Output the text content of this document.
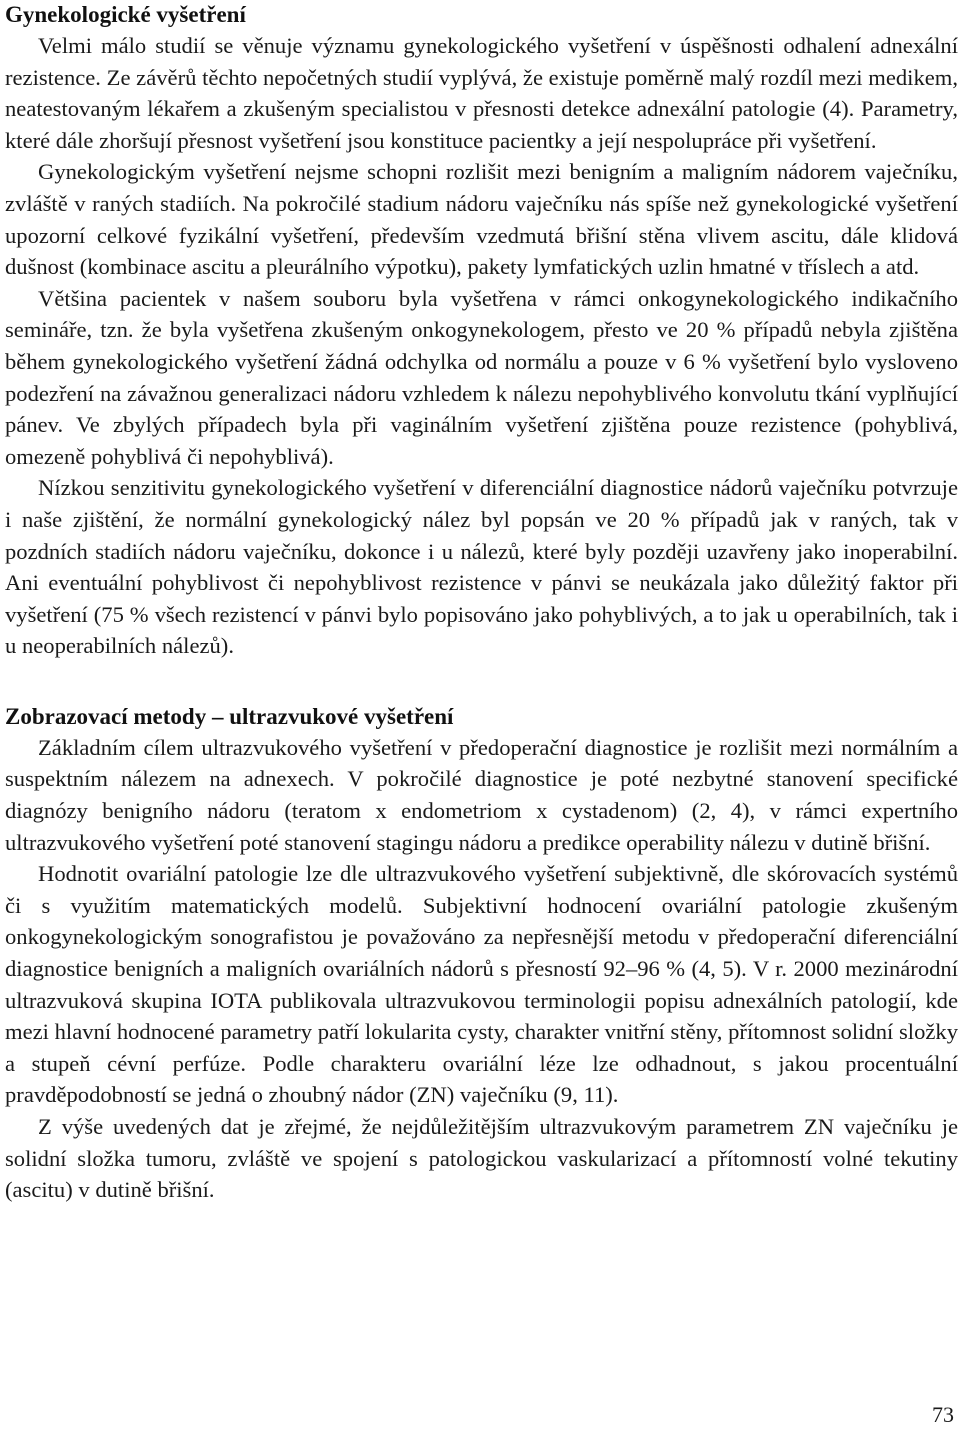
Gynekologické vyšetření

Velmi málo studií se věnuje významu gynekologického vyšetření v úspěšnosti odhalení adnexální rezistence. Ze závěrů těchto nepočetných studií vyplývá, že existuje poměrně malý rozdíl mezi medikem, neatestovaným lékařem a zkušeným specialistou v přesnosti detekce adnexální patologie (4). Parametry, které dále zhoršují přesnost vyšetření jsou konstituce pacientky a její nespolupráce při vyšetření.

Gynekologickým vyšetření nejsme schopni rozlišit mezi benigním a maligním nádorem vaječníku, zvláště v raných stadiích. Na pokročilé stadium nádoru vaječníku nás spíše než gynekologické vyšetření upozorní celkové fyzikální vyšetření, především vzedmutá břišní stěna vlivem ascitu, dále klidová dušnost (kombinace ascitu a pleurálního výpotku), pakety lymfatických uzlin hmatné v tříslech a atd.

Většina pacientek v našem souboru byla vyšetřena v rámci onkogynekologického indikačního semináře, tzn. že byla vyšetřena zkušeným onkogynekologem, přesto ve 20 % případů nebyla zjištěna během gynekologického vyšetření žádná odchylka od normálu a pouze v 6 % vyšetření bylo vysloveno podezření na závažnou generalizaci nádoru vzhledem k nálezu nepohyblivého konvolutu tkání vyplňující pánev. Ve zbylých případech byla při vaginálním vyšetření zjištěna pouze rezistence (pohyblivá, omezeně pohyblivá či nepohyblivá).

Nízkou senzitivitu gynekologického vyšetření v diferenciální diagnostice nádorů vaječníku potvrzuje i naše zjištění, že normální gynekologický nález byl popsán ve 20 % případů jak v raných, tak v pozdních stadiích nádoru vaječníku, dokonce i u nálezů, které byly později uzavřeny jako inoperabilní. Ani eventuální pohyblivost či nepohyblivost rezistence v pánvi se neukázala jako důležitý faktor při vyšetření (75 % všech rezistencí v pánvi bylo popisováno jako pohyblivých, a to jak u operabilních, tak i u neoperabilních nálezů).

Zobrazovací metody – ultrazvukové vyšetření

Základním cílem ultrazvukového vyšetření v předoperační diagnostice je rozlišit mezi normálním a suspektním nálezem na adnexech. V pokročilé diagnostice je poté nezbytné stanovení specifické diagnózy benigního nádoru (teratom x endometriom x cystadenom) (2, 4), v rámci expertního ultrazvukového vyšetření poté stanovení stagingu nádoru a predikce operability nálezu v dutině břišní.

Hodnotit ovariální patologie lze dle ultrazvukového vyšetření subjektivně, dle skórovacích systémů či s využitím matematických modelů. Subjektivní hodnocení ovariální patologie zkušeným onkogynekologickým sonografistou je považováno za nepřesnější metodu v předoperační diferenciální diagnostice benigních a maligních ovariálních nádorů s přesností 92–96 % (4, 5). V r. 2000 mezinárodní ultrazvuková skupina IOTA publikovala ultrazvukovou terminologii popisu adnexálních patologií, kde mezi hlavní hodnocené parametry patří lokularita cysty, charakter vnitřní stěny, přítomnost solidní složky a stupeň cévní perfúze. Podle charakteru ovariální léze lze odhadnout, s jakou procentuální pravděpodobností se jedná o zhoubný nádor (ZN) vaječníku (9, 11).

Z výše uvedených dat je zřejmé, že nejdůležitějším ultrazvukovým parametrem ZN vaječníku je solidní složka tumoru, zvláště ve spojení s patologickou vaskularizací a přítomností volné tekutiny (ascitu) v dutině břišní.

73
